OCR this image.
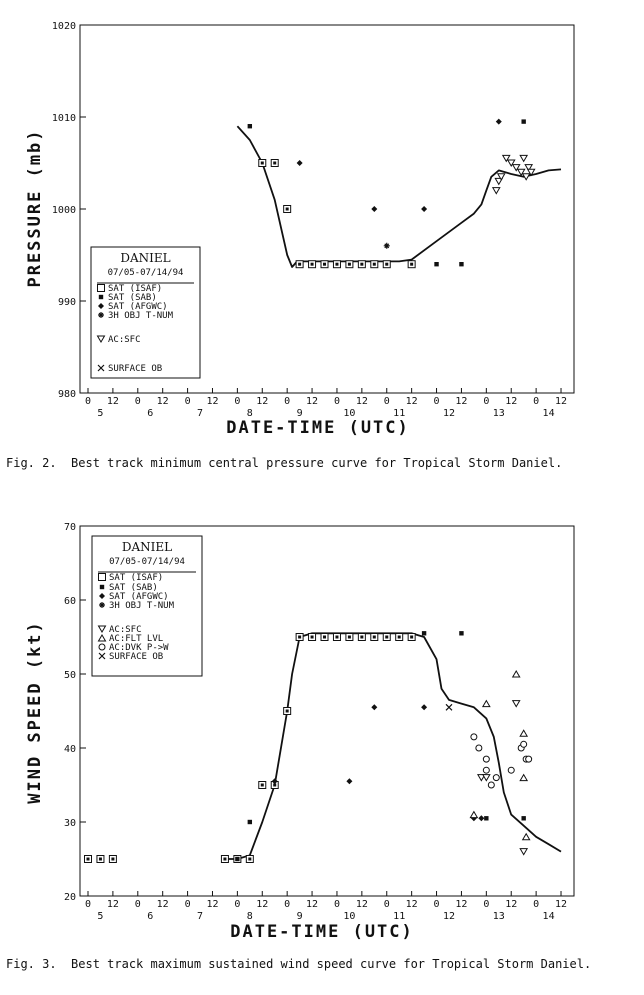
980
990
1000
1010
1020
0 12
5
0 12
6
0 12
7
0 12
8
0 12
9
0 12
10
0 12
11
0 12
12
0 12
13
0 12
14
DANIEL
07/05-07/14/94
SAT (ISAF)
SAT (SAB)
SAT (AFGWC)
3H OBJ T-NUM
AC:SFC
SURFACE OB
PRESSURE (mb)
DATE-TIME (UTC)
Fig. 2.  Best track minimum central pressure curve for Tropical Storm Daniel.
20
30
40
50
60
70
0 12
5
0 12
6
0 12
7
0 12
8
0 12
9
0 12
10
0 12
11
0 12
12
0 12
13
0 12
14
DANIEL
07/05-07/14/94
SAT (ISAF)
SAT (SAB)
SAT (AFGWC)
3H OBJ T-NUM
AC:SFC
AC:FLT LVL
AC:DVK P->W
SURFACE OB
WIND SPEED (kt)
DATE-TIME (UTC)
Fig. 3.  Best track maximum sustained wind speed curve for Tropical Storm Daniel.
